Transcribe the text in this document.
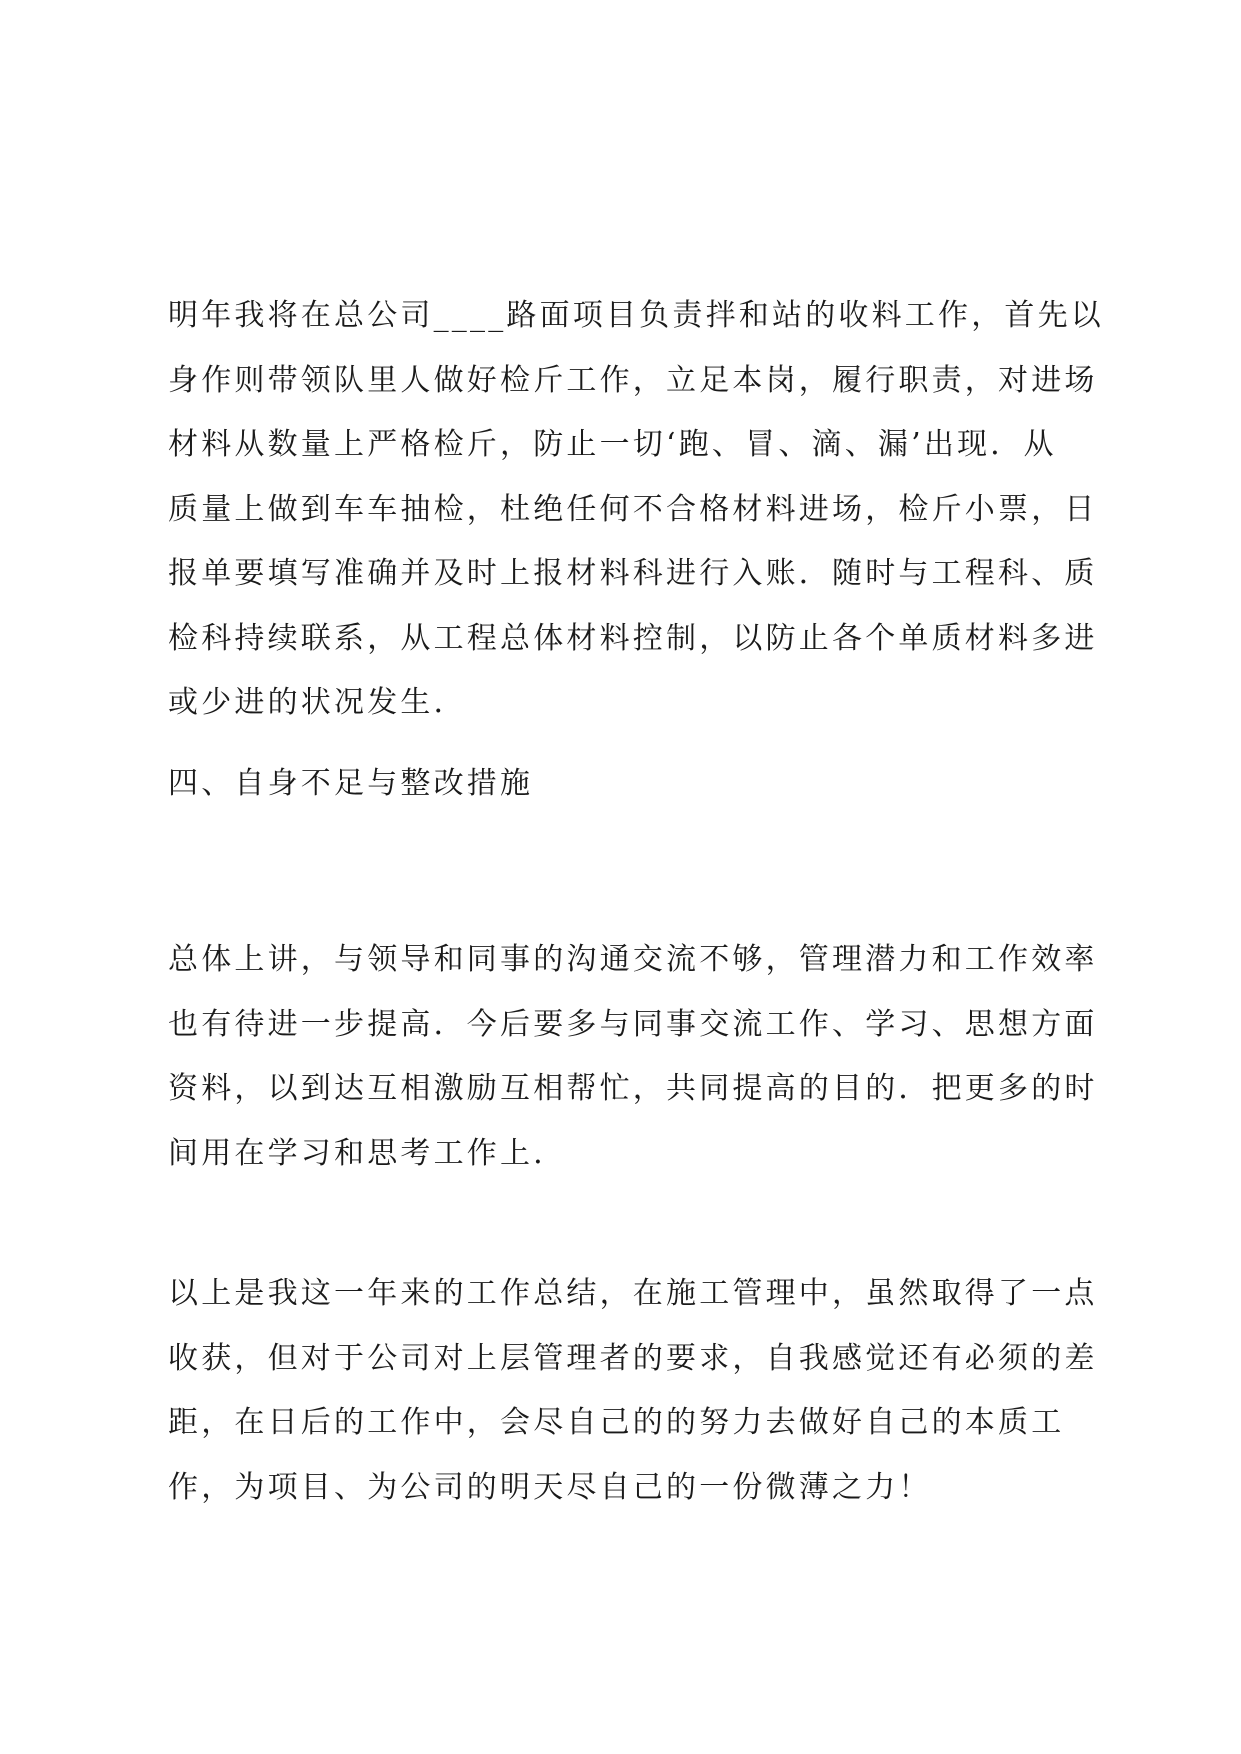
明年我将在总公司____路面项目负责拌和站的收料工作，首先以
身作则带领队里人做好检斤工作，立足本岗，履行职责，对进场
材料从数量上严格检斤，防止一切‘跑、冒、滴、漏’出现．从
质量上做到车车抽检，杜绝任何不合格材料进场，检斤小票，日
报单要填写准确并及时上报材料科进行入账．随时与工程科、质
检科持续联系，从工程总体材料控制，以防止各个单质材料多进
或少进的状况发生．

四、自身不足与整改措施

总体上讲，与领导和同事的沟通交流不够，管理潜力和工作效率
也有待进一步提高．今后要多与同事交流工作、学习、思想方面
资料，以到达互相激励互相帮忙，共同提高的目的．把更多的时
间用在学习和思考工作上．

以上是我这一年来的工作总结，在施工管理中，虽然取得了一点
收获，但对于公司对上层管理者的要求，自我感觉还有必须的差
距，在日后的工作中，会尽自己的的努力去做好自己的本质工
作，为项目、为公司的明天尽自己的一份微薄之力！
